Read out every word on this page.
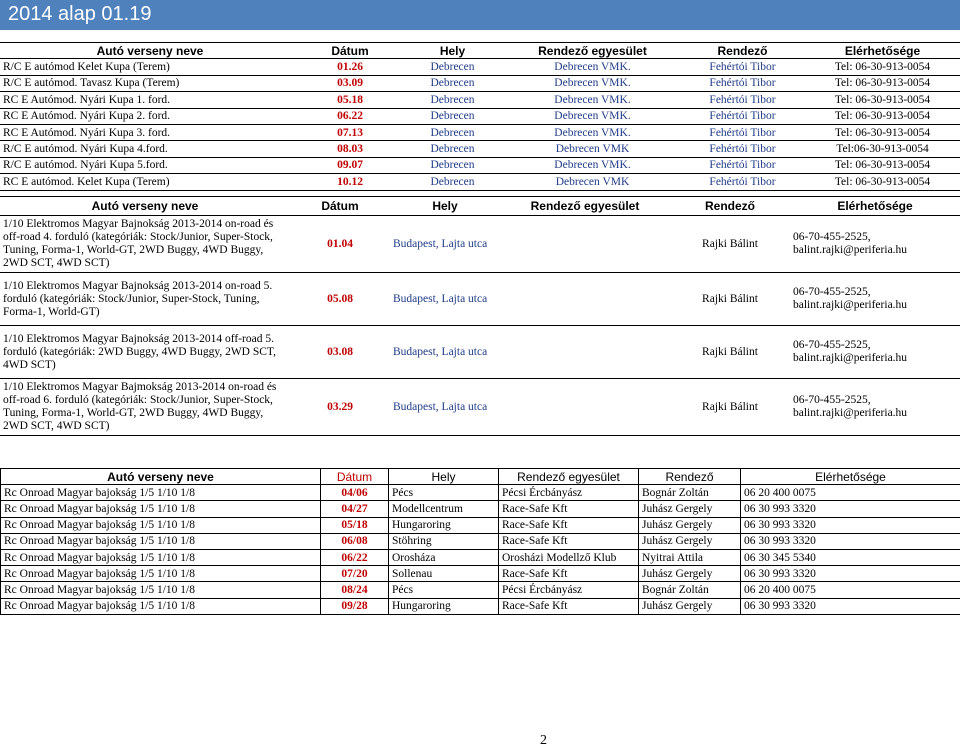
2014 alap 01.19
Autó verseny neve	Dátum	Hely	Rendező egyesület	Rendező	Elérhetősége
R/C E autómod Kelet Kupa (Terem)	01.26	Debrecen	Debrecen VMK.	Fehértói Tibor	Tel: 06-30-913-0054
R/C E autómod. Tavasz Kupa (Terem)	03.09	Debrecen	Debrecen VMK.	Fehértói Tibor	Tel: 06-30-913-0054
RC E Autómod. Nyári Kupa 1. ford.	05.18	Debrecen	Debrecen VMK.	Fehértói Tibor	Tel: 06-30-913-0054
RC E Autómod. Nyári Kupa 2. ford.	06.22	Debrecen	Debrecen VMK.	Fehértói Tibor	Tel: 06-30-913-0054
RC E Autómod. Nyári Kupa 3. ford.	07.13	Debrecen	Debrecen VMK.	Fehértói Tibor	Tel: 06-30-913-0054
R/C E autómod. Nyári Kupa 4.ford.	08.03	Debrecen	Debrecen VMK	Fehértói Tibor	Tel:06-30-913-0054
R/C E autómod. Nyári Kupa 5.ford.	09.07	Debrecen	Debrecen VMK.	Fehértói Tibor	Tel: 06-30-913-0054
RC E autómod. Kelet Kupa (Terem)	10.12	Debrecen	Debrecen VMK	Fehértói Tibor	Tel: 06-30-913-0054
Autó verseny neve	Dátum	Hely	Rendező egyesület	Rendező	Elérhetősége
1/10 Elektromos Magyar Bajnokság 2013-2014 on-road és off-road 4. forduló (kategóriák: Stock/Junior, Super-Stock, Tuning, Forma-1, World-GT, 2WD Buggy, 4WD Buggy, 2WD SCT, 4WD SCT)	01.04	Budapest, Lajta utca		Rajki Bálint	06-70-455-2525, balint.rajki@periferia.hu
1/10 Elektromos Magyar Bajnokság 2013-2014 on-road 5. forduló (kategóriák: Stock/Junior, Super-Stock, Tuning, Forma-1, World-GT)	05.08	Budapest, Lajta utca		Rajki Bálint	06-70-455-2525, balint.rajki@periferia.hu
1/10 Elektromos Magyar Bajnokság 2013-2014 off-road 5. forduló (kategóriák: 2WD Buggy, 4WD Buggy, 2WD SCT, 4WD SCT)	03.08	Budapest, Lajta utca		Rajki Bálint	06-70-455-2525, balint.rajki@periferia.hu
1/10 Elektromos Magyar Bajmokság 2013-2014 on-road és off-road 6. forduló (kategóriák: Stock/Junior, Super-Stock, Tuning, Forma-1, World-GT, 2WD Buggy, 4WD Buggy, 2WD SCT, 4WD SCT)	03.29	Budapest, Lajta utca		Rajki Bálint	06-70-455-2525, balint.rajki@periferia.hu
Autó verseny neve	Dátum	Hely	Rendező egyesület	Rendező	Elérhetősége
Rc Onroad Magyar bajokság 1/5 1/10 1/8	04/06	Pécs	Pécsi Ércbányász	Bognár Zoltán	06 20 400 0075
Rc Onroad Magyar bajokság 1/5 1/10 1/8	04/27	Modellcentrum	Race-Safe Kft	Juhász Gergely	06 30 993 3320
Rc Onroad Magyar bajokság 1/5 1/10 1/8	05/18	Hungaroring	Race-Safe Kft	Juhász Gergely	06 30 993 3320
Rc Onroad Magyar bajokság 1/5 1/10 1/8	06/08	Stöhring	Race-Safe Kft	Juhász Gergely	06 30 993 3320
Rc Onroad Magyar bajokság 1/5 1/10 1/8	06/22	Orosháza	Orosházi Modellző Klub	Nyitrai Attila	06 30 345 5340
Rc Onroad Magyar bajokság 1/5 1/10 1/8	07/20	Sollenau	Race-Safe Kft	Juhász Gergely	06 30 993 3320
Rc Onroad Magyar bajokság 1/5 1/10 1/8	08/24	Pécs	Pécsi Ércbányász	Bognár Zoltán	06 20 400 0075
Rc Onroad Magyar bajokság 1/5 1/10 1/8	09/28	Hungaroring	Race-Safe Kft	Juhász Gergely	06 30 993 3320
2
